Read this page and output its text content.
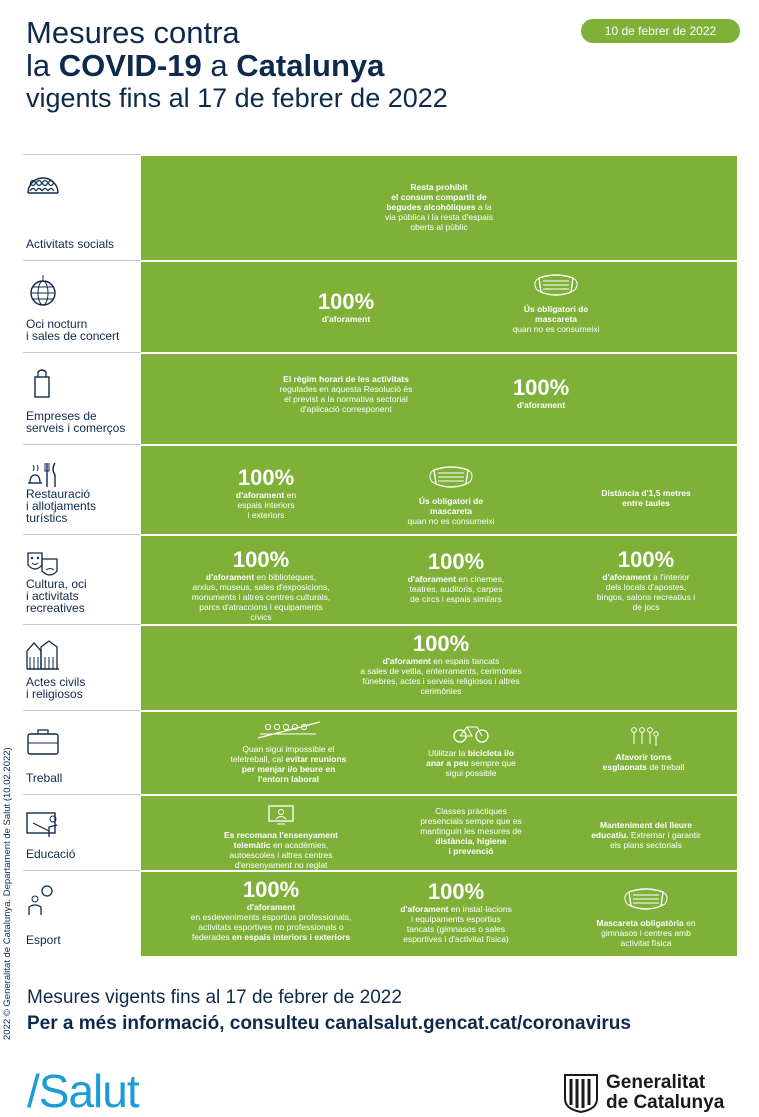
10 de febrer de 2022
Mesures contra
la COVID-19 a Catalunya
vigents fins al 17 de febrer de 2022
2022 © Generalitat de Catalunya. Departament de Salut (10.02.2022)
Activitats socials
Resta prohibit
el consum compartit de
begudes alcohòliques a la
via pública i la resta d'espais
oberts al públic
Oci nocturn
i sales de concert
100%
d'aforament
Ús obligatori de
mascareta
quan no es consumeixi
Empreses de
serveis i comerços
El règim horari de les activitats
regulades en aquesta Resolució és
el previst a la normativa sectorial
d'aplicació corresponent
100%
d'aforament
Restauració
i allotjaments
turístics
100%
d'aforament en
espais interiors
i exteriors
Ús obligatori de
mascareta
quan no es consumeixi
Distància d'1,5 metres
entre taules
Cultura, oci
i activitats
recreatives
100%
d'aforament en biblioteques,
arxius, museus, sales d'exposicions,
monuments i altres centres culturals,
parcs d'atraccions i equipaments
cívics
100%
d'aforament en cinemes,
teatres, auditoris, carpes
de circs i espais similars
100%
d'aforament a l'interior
dels locals d'apostes,
bingos, salons recreatius i
de jocs
Actes civils
i religiosos
100%
d'aforament en espais tancats
a sales de vetlla, enterraments, cerimònies
fúnebres, actes i serveis religiosos i altres
cerimònies
Treball
Quan sigui impossible el
teletreball, cal evitar reunions
per menjar i/o beure en
l'entorn laboral
Utilitzar la bicicleta i/o
anar a peu sempre que
sigui possible
Afavorir torns
esglaonats de treball
Educació
Es recomana l'ensenyament
telemàtic en acadèmies,
autoescoles i altres centres
d'ensenyament no reglat
Classes pràctiques
presencials sempre que es
mantinguin les mesures de
distància, higiene
i prevenció
Manteniment del lleure
educatiu. Extremar i garantir
els plans sectorials
Esport
100%
d'aforament
en esdeveniments esportius professionals,
activitats esportives no professionals o
federades en espais interiors i exteriors
100%
d'aforament en instal·lacions
i equipaments esportius
tancats (gimnasos o sales
esportives i d'activitat física)
Mascareta obligatòria en
gimnasos i centres amb
activitat física
Mesures vigents fins al 17 de febrer de 2022
Per a més informació, consulteu canalsalut.gencat.cat/coronavirus
/Salut	Generalitat
de Catalunya
